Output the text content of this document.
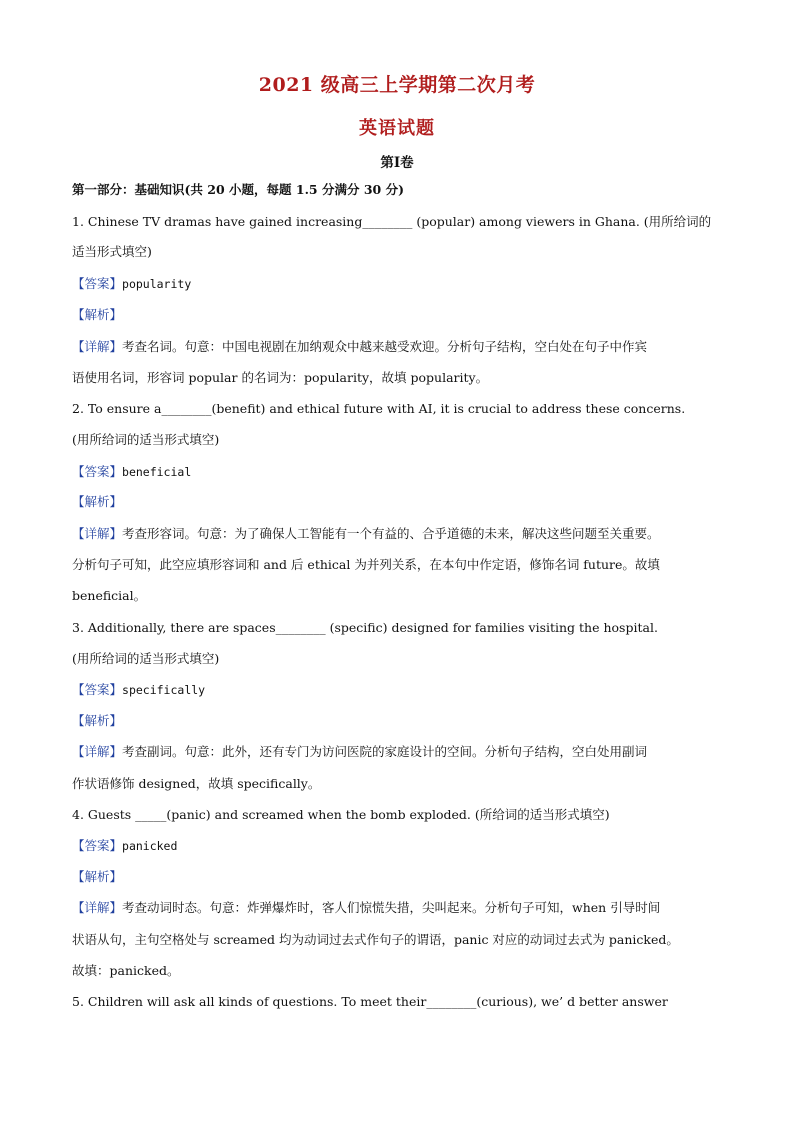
2021 级高三上学期第二次月考
英语试题
第Ⅰ卷
第一部分：基础知识(共 20 小题，每题 1.5 分满分 30 分)
1. Chinese TV dramas have gained increasing________ (popular) among viewers in Ghana. (用所给词的
适当形式填空)
【答案】popularity
【解析】
【详解】考查名词。句意：中国电视剧在加纳观众中越来越受欢迎。分析句子结构，空白处在句子中作宾
语使用名词，形容词 popular 的名词为：popularity，故填 popularity。
2. To ensure a________(benefit) and ethical future with AI, it is crucial to address these concerns.
(用所给词的适当形式填空)
【答案】beneficial
【解析】
【详解】考查形容词。句意：为了确保人工智能有一个有益的、合乎道德的未来，解决这些问题至关重要。
分析句子可知，此空应填形容词和 and 后 ethical 为并列关系，在本句中作定语，修饰名词 future。故填
beneficial。
3. Additionally, there are spaces________ (specific) designed for families visiting the hospital.
(用所给词的适当形式填空)
【答案】specifically
【解析】
【详解】考查副词。句意：此外，还有专门为访问医院的家庭设计的空间。分析句子结构，空白处用副词
作状语修饰 designed，故填 specifically。
4. Guests _____(panic) and screamed when the bomb exploded. (所给词的适当形式填空)
【答案】panicked
【解析】
【详解】考查动词时态。句意：炸弹爆炸时，客人们惊慌失措，尖叫起来。分析句子可知，when 引导时间
状语从句，主句空格处与 screamed 均为动词过去式作句子的谓语，panic 对应的动词过去式为 panicked。
故填：panicked。
5. Children will ask all kinds of questions. To meet their________(curious), we’ d better answer
